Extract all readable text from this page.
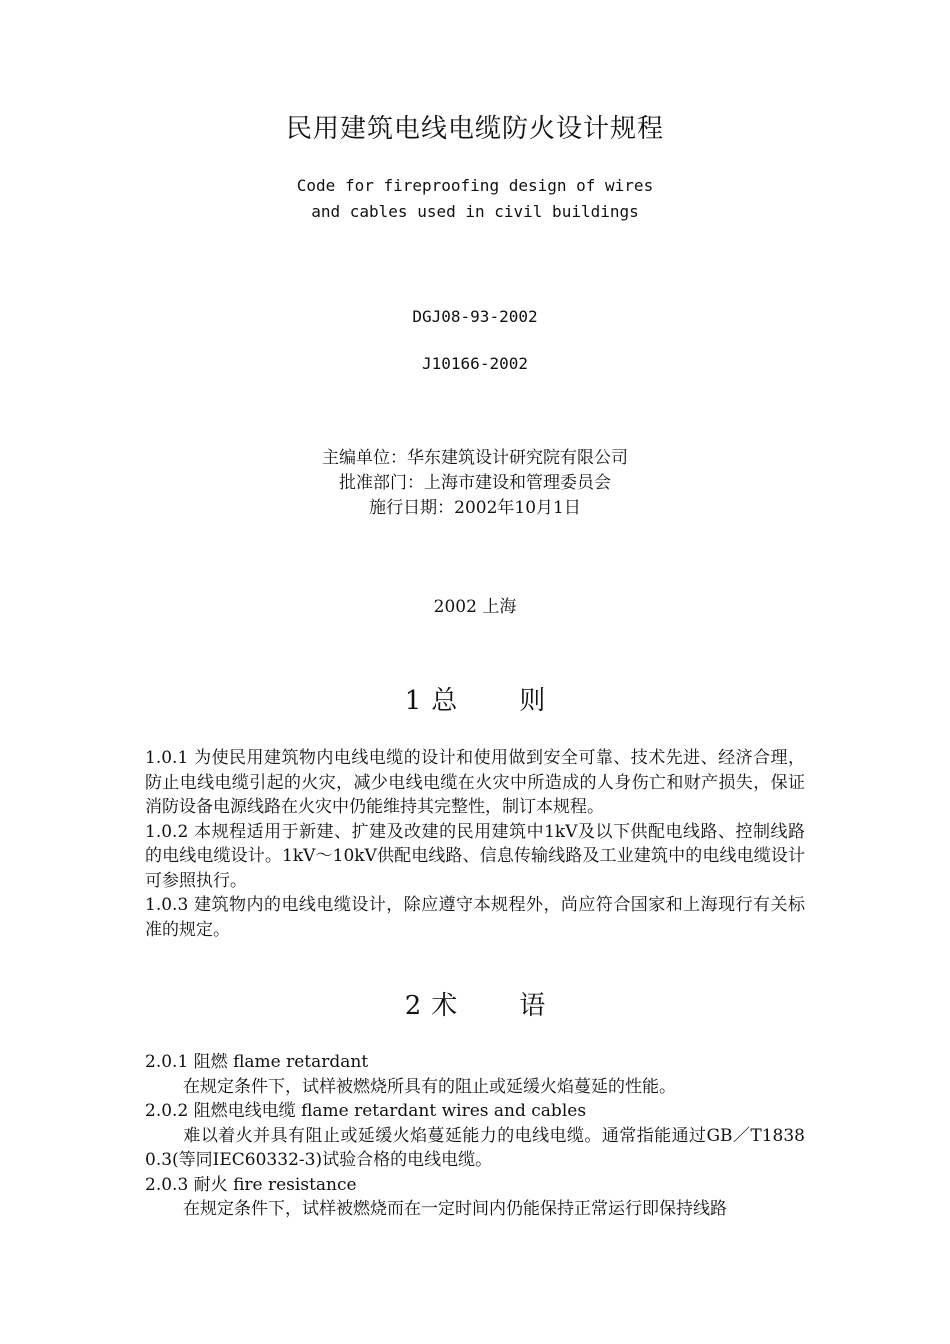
民用建筑电线电缆防火设计规程
Code for fireproofing design of wires
and cables used in civil buildings
DGJ08-93-2002
J10166-2002
主编单位：华东建筑设计研究院有限公司
批准部门：上海市建设和管理委员会
施行日期：2002年10月1日
2002 上海
1 总 则

1.0.1 为使民用建筑物内电线电缆的设计和使用做到安全可靠、技术先进、经济合理，防止电线电缆引起的火灾，减少电线电缆在火灾中所造成的人身伤亡和财产损失，保证消防设备电源线路在火灾中仍能维持其完整性，制订本规程。

1.0.2 本规程适用于新建、扩建及改建的民用建筑中1kV及以下供配电线路、控制线路的电线电缆设计。1kV～10kV供配电线路、信息传输线路及工业建筑中的电线电缆设计可参照执行。

1.0.3 建筑物内的电线电缆设计，除应遵守本规程外，尚应符合国家和上海现行有关标准的规定。

2 术 语

2.0.1 阻燃 flame retardant

在规定条件下，试样被燃烧所具有的阻止或延缓火焰蔓延的性能。

2.0.2 阻燃电线电缆 flame retardant wires and cables

难以着火并具有阻止或延缓火焰蔓延能力的电线电缆。通常指能通过GB／T18380.3(等同IEC60332-3)试验合格的电线电缆。

2.0.3 耐火 fire resistance

在规定条件下，试样被燃烧而在一定时间内仍能保持正常运行即保持线路
